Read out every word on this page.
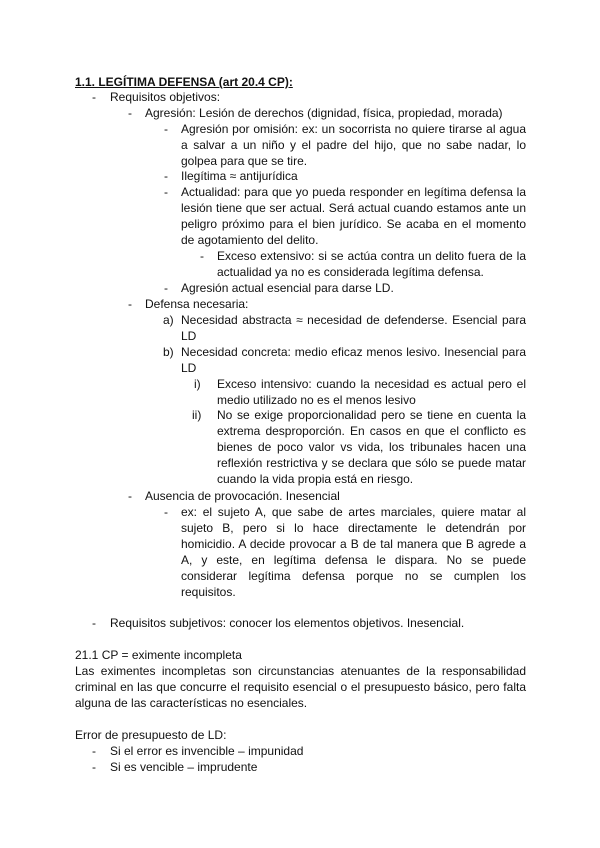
1.1. LEGÍTIMA DEFENSA (art 20.4 CP):
- Requisitos objetivos:
- Agresión: Lesión de derechos (dignidad, física, propiedad, morada)
- Agresión por omisión: ex: un socorrista no quiere tirarse al agua a salvar a un niño y el padre del hijo, que no sabe nadar, lo golpea para que se tire.
- Ilegítima ≈ antijurídica
- Actualidad: para que yo pueda responder en legítima defensa la lesión tiene que ser actual. Será actual cuando estamos ante un peligro próximo para el bien jurídico. Se acaba en el momento de agotamiento del delito.
- Exceso extensivo: si se actúa contra un delito fuera de la actualidad ya no es considerada legítima defensa.
- Agresión actual esencial para darse LD.
- Defensa necesaria:
a) Necesidad abstracta ≈ necesidad de defenderse. Esencial para LD
b) Necesidad concreta: medio eficaz menos lesivo. Inesencial para LD
i) Exceso intensivo: cuando la necesidad es actual pero el medio utilizado no es el menos lesivo
ii) No se exige proporcionalidad pero se tiene en cuenta la extrema desproporción. En casos en que el conflicto es bienes de poco valor vs vida, los tribunales hacen una reflexión restrictiva y se declara que sólo se puede matar cuando la vida propia está en riesgo.
- Ausencia de provocación. Inesencial
- ex: el sujeto A, que sabe de artes marciales, quiere matar al sujeto B, pero si lo hace directamente le detendrán por homicidio. A decide provocar a B de tal manera que B agrede a A, y este, en legítima defensa le dispara. No se puede considerar legítima defensa porque no se cumplen los requisitos.
- Requisitos subjetivos: conocer los elementos objetivos. Inesencial.
21.1 CP = eximente incompleta
Las eximentes incompletas son circunstancias atenuantes de la responsabilidad criminal en las que concurre el requisito esencial o el presupuesto básico, pero falta alguna de las características no esenciales.
Error de presupuesto de LD:
- Si el error es invencible – impunidad
- Si es vencible – imprudente
